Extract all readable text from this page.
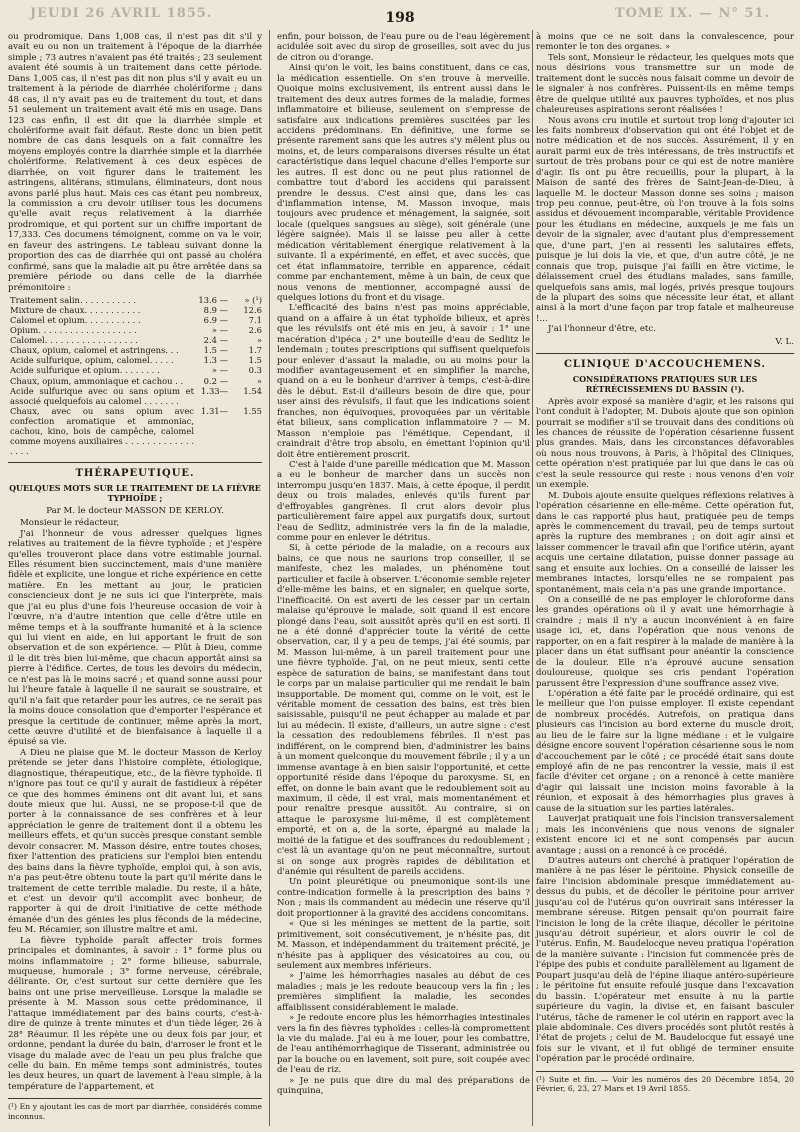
JEUDI 26 AVRIL 1855.	198	TOME IX. — N° 51.

ou prodromique. Dans 1,008 cas, il n'est pas dit s'il y avait eu ou non un traitement à l'époque de la diarrhée simple ; 73 autres n'avaient pas été traités ; 23 seulement avaient été soumis à un traitement dans cette période. Dans 1,005 cas, il n'est pas dit non plus s'il y avait eu un traitement à la période de diarrhée cholériforme ; dans 48 cas, il n'y avait pas eu de traitement du tout, et dans 51 seulement un traitement avait été mis en usage. Dans 123 cas enfin, il est dit que la diarrhée simple et cholériforme avait fait défaut. Reste donc un bien petit nombre de cas dans lesquels on a fait connaître les moyens employés contre la diarrhée simple et la diarrhée cholériforme. Relativement à ces deux espèces de diarrhée, on voit figurer dans le traitement les astringens, alitérans, stimulans, éliminateurs, dont nous avons parlé plus haut. Mais ces cas étant peu nombreux, la commission a cru devoir utiliser tous les documens qu'elle avait reçus relativement à la diarrhée prodromique, et qui portent sur un chiffre important de 17,333. Ces documens témoignent, comme on va le voir, en faveur des astringens. Le tableau suivant donne la proportion des cas de diarrhée qui ont passé au choléra confirmé, sans que la maladie ait pu être arrêtée dans sa première période ou dans celle de la diarrhée prémonitoire :

Traitement salin. . . . . . . . . . .	13.6 —	» (¹)
Mixture de chaux. . . . . . . . . . .	8.9 —	12.6
Calomel et opium. . . . . . . . . . .	6.9 —	7.1
Opium. . . . . . . . . . . . . . . . . . .	» —	2.6
Calomel. . . . . . . . . . . . . . . . . .	2.4 —	»
Chaux, opium, calomel et astringens. . .	1.5 —	1.7
Acide sulfurique, opium, calomel. . . . .	1.3 —	1.5
Acide sulfurique et opium. . . . . . . .	» —	0.3
Chaux, opium, ammoniaque et cachou . .	0.2 —	»
Acide sulfurique avec ou sans opium et associé quelquefois au calomel . . . . . . .	1.33—	1.54
Chaux, avec ou sans opium avec confection aromatique et ammoniac, cachou, kino, bois de campêche, calomel comme moyens auxiliaires . . . . . . . . . . . . . . . . .	1.31—	1.55
THÉRAPEUTIQUE.
QUELQUES MOTS SUR LE TRAITEMENT DE LA FIÈVRE TYPHOÏDE ;
Par M. le docteur MASSON DE KERLOY.

Monsieur le rédacteur,

J'ai l'honneur de vous adresser quelques lignes relatives au traitement de la fièvre typhoïde ; et j'espère qu'elles trouveront place dans votre estimable journal. Elles résument bien succinctement, mais d'une manière fidèle et explicite, une longue et riche expérience en cette matière. En les mettant au jour, le praticien consciencieux dont je ne suis ici que l'interprète, mais que j'ai eu plus d'une fois l'heureuse occasion de voir à l'œuvre, n'a d'autre intention que celle d'être utile en même temps et à la souffrante humanité et à la science qui lui vient en aide, en lui apportant le fruit de son observation et de son expérience. — Plût à Dieu, comme il le dit très bien lui-même, que chacun apportât ainsi sa pierre à l'édifice. Certes, de tous les devoirs du médecin, ce n'est pas là le moins sacré ; et quand sonne aussi pour lui l'heure fatale à laquelle il ne saurait se soustraire, et qu'il n'a fait que retarder pour les autres, ce ne serait pas la moins douce consolation que d'emporter l'espérance et presque la certitude de continuer, même après la mort, cette œuvre d'utilité et de bienfaisance à laquelle il a épuisé sa vie.

A Dieu ne plaise que M. le docteur Masson de Kerloy prétende se jeter dans l'histoire complète, étiologique, diagnostique, thérapeutique, etc., de la fièvre typhoïde. Il n'ignore pas tout ce qu'il y aurait de fastidieux à répéter ce que des hommes éminens ont dit avant lui, et sans doute mieux que lui. Aussi, ne se propose-t-il que de porter à la connaissance de ses confrères et à leur appréciation le genre de traitement dont il a obtenu les meilleurs effets, et qu'un succès presque constant semble devoir consacrer. M. Masson désire, entre toutes choses, fixer l'attention des praticiens sur l'emploi bien entendu des bains dans la fièvre typhoïde, emploi qui, à son avis, n'a pas peut-être obtenu toute la part qu'il mérite dans le traitement de cette terrible maladie. Du reste, il a hâte, et c'est un devoir qu'il accomplit avec bonheur, de rapporter à qui de droit l'initiative de cette méthode émanée d'un des génies les plus féconds de la médecine, feu M. Récamier, son illustre maître et ami.

La fièvre typhoïde paraît affecter trois formes principales et dominantes, à savoir : 1° forme plus ou moins inflammatoire ; 2° forme bilieuse, saburrale, muqueuse, humorale ; 3° forme nerveuse, cérébrale, délirante. Or, c'est surtout sur cette dernière que les bains ont une prise merveilleuse. Lorsque la maladie se présente à M. Masson sous cette prédominance, il l'attaque immédiatement par des bains courts, c'est-à-dire de quinze à trente minutes et d'un tiède léger, 26 à 28° Réaumur. Il les répète une ou deux fois par jour, et ordonne, pendant la durée du bain, d'arroser le front et le visage du malade avec de l'eau un peu plus fraîche que celle du bain. En même temps sont administrés, toutes les deux heures, un quart de lavement à l'eau simple, à la température de l'appartement, et

(¹) En y ajoutant les cas de mort par diarrhée, considérés comme inconnus.

enfin, pour boisson, de l'eau pure ou de l'eau légèrement acidulée soit avec du sirop de groseilles, soit avec du jus de citron ou d'orange.

Ainsi qu'on le voit, les bains constituent, dans ce cas, la médication essentielle. On s'en trouve à merveille. Quoique moins exclusivement, ils entrent aussi dans le traitement des deux autres formes de la maladie, formes inflammatoire et bilieuse, seulement on s'empresse de satisfaire aux indications premières suscitées par les accidens prédominans. En définitive, une forme se présente rarement sans que les autres s'y mêlent plus ou moins, et, de leurs comparaisons diverses résulte un état caractéristique dans lequel chacune d'elles l'emporte sur les autres. Il est donc ou ne peut plus rationnel de combattre tout d'abord les accidens qui paraissent prendre le dessus. C'est ainsi que, dans les cas d'inflammation intense, M. Masson invoque, mais toujours avec prudence et ménagement, la saignée, soit locale (quelques sangsues au siège), soit générale (une légère saignée). Mais il se laisse peu aller à cette médication véritablement énergique relativement à la suivante. Il a expérimenté, en effet, et avec succès, que cet état inflammatoire, terrible en apparence, cédait comme par enchantement, même à un bain, de ceux que nous venons de mentionner, accompagné aussi de quelques lotions du front et du visage.

L'efficacité des bains n'est pas moins appréciable, quand on a affaire à un état typhoïde bilieux, et après que les révulsifs ont été mis en jeu, à savoir : 1° une macération d'ipéca ; 2° une bouteille d'eau de Sedlitz le lendemain ; toutes prescriptions qui suffisent quelquefois pour enlever d'assaut la maladie, ou au moins pour la modifier avantageusement et en simplifier la marche, quand on a eu le bonheur d'arriver à temps, c'est-à-dire dès le début. Est-il d'ailleurs besoin de dire que, pour user ainsi des révulsifs, il faut que les indications soient franches, non équivoques, provoquées par un véritable état bilieux, sans complication inflammatoire ? — M. Masson n'emploie pas l'émétique. Cependant, il craindrait d'être trop absolu, en émettant l'opinion qu'il doit être entièrement proscrit.

C'est à l'aide d'une pareille médication que M. Masson a eu le bonheur de marcher dans un succès non interrompu jusqu'en 1837. Mais, à cette époque, il perdit deux ou trois malades, enlevés qu'ils furent par d'effroyables gangrènes. Il crut alors devoir plus particulièrement faire appel aux purgatifs doux, surtout l'eau de Sedlitz, administrée vers la fin de la maladie, comme pour en enlever le détritus.

Si, à cette période de la maladie, on a recours aux bains, ce que nous ne saurions trop conseiller, il se manifeste, chez les malades, un phénomène tout particulier et facile à observer. L'économie semble rejeter d'elle-même les bains, et en signaler, en quelque sorte, l'inefficacité. On est averti de les cesser par un certain malaise qu'éprouve le malade, soit quand il est encore plongé dans l'eau, soit aussitôt après qu'il en est sorti. Il ne a été donné d'apprécier toute la vérité de cette observation, car, il y a peu de temps, j'ai été soumis, par M. Masson lui-même, à un pareil traitement pour une une fièvre typhoïde. J'ai, on ne peut mieux, senti cette espèce de saturation de bains, se manifestant dans tout le corps par un malaise particulier qui me rendait le bain insupportable. De moment qui, comme on le voit, est le véritable moment de cessation des bains, est très bien saisissable, puisqu'il ne peut échapper au malade et par lui au médecin. Il existe, d'ailleurs, un autre signe : c'est la cessation des redoublemens fébriles. Il n'est pas indifférent, on le comprend bien, d'administrer les bains à un moment quelconque du mouvement fébrile ; il y a un immense avantage à en bien saisir l'opportunité, et cette opportunité réside dans l'époque du paroxysme. Si, en effet, on donne le bain avant que le redoublement soit au maximum, il cède, il est vrai, mais momentanément et pour renaître presque aussitôt. Au contraire, si on attaque le paroxysme lui-même, il est complètement emporté, et on a, de la sorte, épargné au malade la moitié de la fatigue et des souffrances du redoublement ; c'est là un avantage qu'on ne peut méconnaître, surtout si on songe aux progrès rapides de débilitation et d'anémie qui résultent de pareils accidens.

Un point pleurétique ou pneumonique sont-ils une contre-indication formelle à la prescription des bains ? Non ; mais ils commandent au médecin une réserve qu'il doit proportionner à la gravité des accidens concomitans.

« Que si les méninges se mettent de la partie, soit primitivement, soit consécutivement, je n'hésite pas, dit M. Masson, et indépendamment du traitement précité, je n'hésite pas à appliquer des vésicatoires au cou, ou seulement aux membres inférieurs.

» J'aime les hémorrhagies nasales au début de ces maladies ; mais je les redoute beaucoup vers la fin ; les premières simplifient la maladie, les secondes affaiblissent considérablement le malade.

» Je redoute encore plus les hémorrhagies intestinales vers la fin des fièvres typhoïdes : celles-là compromettent la vie du malade. J'ai eu à me louer, pour les combattre, de l'eau antihémorrhagique de Tisserant, administrée ou par la bouche ou en lavement, soit pure, soit coupée avec de l'eau de riz.

» Je ne puis que dire du mal des préparations de quinquina,

à moins que ce ne soit dans la convalescence, pour remonter le ton des organes. »

Tels sont, Monsieur le rédacteur, les quelques mots que nous désirions vous transmettre sur un mode de traitement dont le succès nous faisait comme un devoir de le signaler à nos confrères. Puissent-ils en même temps être de quelque utilité aux pauvres typhoïdes, et nos plus chaleureuses aspirations seront réalisées !

Nous avons cru inutile et surtout trop long d'ajouter ici les faits nombreux d'observation qui ont été l'objet et de notre médication et de nos succès. Assurément, il y en aurait parmi eux de très intéressans, de très instructifs et surtout de très probans pour ce qui est de notre manière d'agir. Ils ont pu être recueillis, pour la plupart, à la Maison de santé des frères de Saint-Jean-de-Dieu, à laquelle M. le docteur Masson donne ses soins ; maison trop peu connue, peut-être, où l'on trouve à la fois soins assidus et dévouement incomparable, véritable Providence pour les étudians en médecine, auxquels je me fais un devoir de la signaler, avec d'autant plus d'empressement que, d'une part, j'en ai ressenti les salutaires effets, puisque je lui dois la vie, et que, d'un autre côté, je ne connais que trop, puisque j'ai failli en être victime, le délaissement cruel des étudians malades, sans famille, quelquefois sans amis, mal logés, privés presque toujours de la plupart des soins que nécessite leur état, et allant ainsi à la mort d'une façon par trop fatale et malheureuse !...

J'ai l'honneur d'être, etc.

V. L.
CLINIQUE D'ACCOUCHEMENS.
CONSIDÉRATIONS PRATIQUES SUR LES RÉTRÉCISSEMENS DU BASSIN (¹).

Après avoir exposé sa manière d'agir, et les raisons qui l'ont conduit à l'adopter, M. Dubois ajoute que son opinion pourrait se modifier s'il se trouvait dans des conditions où les chances de réussite de l'opération césarienne fussent plus grandes. Mais, dans les circonstances défavorables où nous nous trouvons, à Paris, à l'hôpital des Cliniques, cette opération n'est pratiquée par lui que dans le cas où c'est la seule ressource qui reste : nous venons d'en voir un exemple.

M. Dubois ajoute ensuite quelques réflexions relatives à l'opération césarienne en elle-même. Cette opération fut, dans le cas rapporté plus haut, pratiquée peu de temps après le commencement du travail, peu de temps surtout après la rupture des membranes ; on doit agir ainsi et laisser commencer le travail afin que l'orifice utérin, ayant acquis une certaine dilatation, puisse donner passage au sang et ensuite aux lochies. On a conseillé de laisser les membranes intactes, lorsqu'elles ne se rompaient pas spontanément, mais cela n'a pas une grande importance.

On a conseillé de ne pas employer le chloroforme dans les grandes opérations où il y avait une hémorrhagie à craindre ; mais il n'y a aucun inconvénient à en faire usage ici, et, dans l'opération que nous venons de rapporter, on en a fait respirer à la malade de manière à la placer dans un état suffisant pour anéantir la conscience de la douleur. Elle n'a éprouvé aucune sensation douloureuse, quoique ses cris pendant l'opération parussent être l'expression d'une souffrance assez vive.

L'opération a été faite par le procédé ordinaire, qui est le meilleur que l'on puisse employer. Il existe cependant de nombreux procédés. Autrefois, on pratiqua dans plusieurs cas l'incision au bord externe du muscle droit, au lieu de le faire sur la ligne médiane : et le vulgaire désigne encore souvent l'opération césarienne sous le nom d'accouchement par le côté ; ce procédé était sans doute employé afin de ne pas rencontrer la vessie, mais il est facile d'éviter cet organe ; on a renoncé à cette manière d'agir qui laissait une incision moins favorable à la réunion, et exposait à des hémorrhagies plus graves à cause de la situation sur les parties latérales.

Lauverjat pratiquait une fois l'incision transversalement ; mais les inconvéniens que nous venons de signaler existent encore ici et ne sont compensés par aucun avantage ; aussi on a renoncé à ce procédé.

D'autres auteurs ont cherché à pratiquer l'opération de manière à ne pas léser le péritoine. Physick conseille de faire l'incision abdominale presque immédiatement au-dessus du pubis, et de décoller le péritoine pour arriver jusqu'au col de l'utérus qu'on ouvrirait sans intéresser la membrane séreuse. Ritgen pensait qu'on pourrait faire l'incision le long de la crête iliaque, décoller le péritoine jusqu'au détroit supérieur, et alors ouvrir le col de l'utérus. Enfin, M. Baudelocque neveu pratiqua l'opération de la manière suivante : l'incision fut commencée près de l'épipe des pubis et conduite parallèlement au ligament de Poupart jusqu'au delà de l'épine iliaque antéro-supérieure ; le péritoine fut ensuite refoulé jusque dans l'excavation du bassin. L'opérateur met ensuite à nu la partie supérieure du vagin, la divise et, en faisant basculer l'utérus, tâche de ramener le col utérin en rapport avec la plaie abdominale. Ces divers procédés sont plutôt restés à l'état de projets ; celui de M. Baudelocque fut essayé une fois sur le vivant, et il fut obligé de terminer ensuite l'opération par le procédé ordinaire.

(¹) Suite et fin. — Voir les numéros des 20 Décembre 1854, 20 Février, 6, 23, 27 Mars et 19 Avril 1855.
